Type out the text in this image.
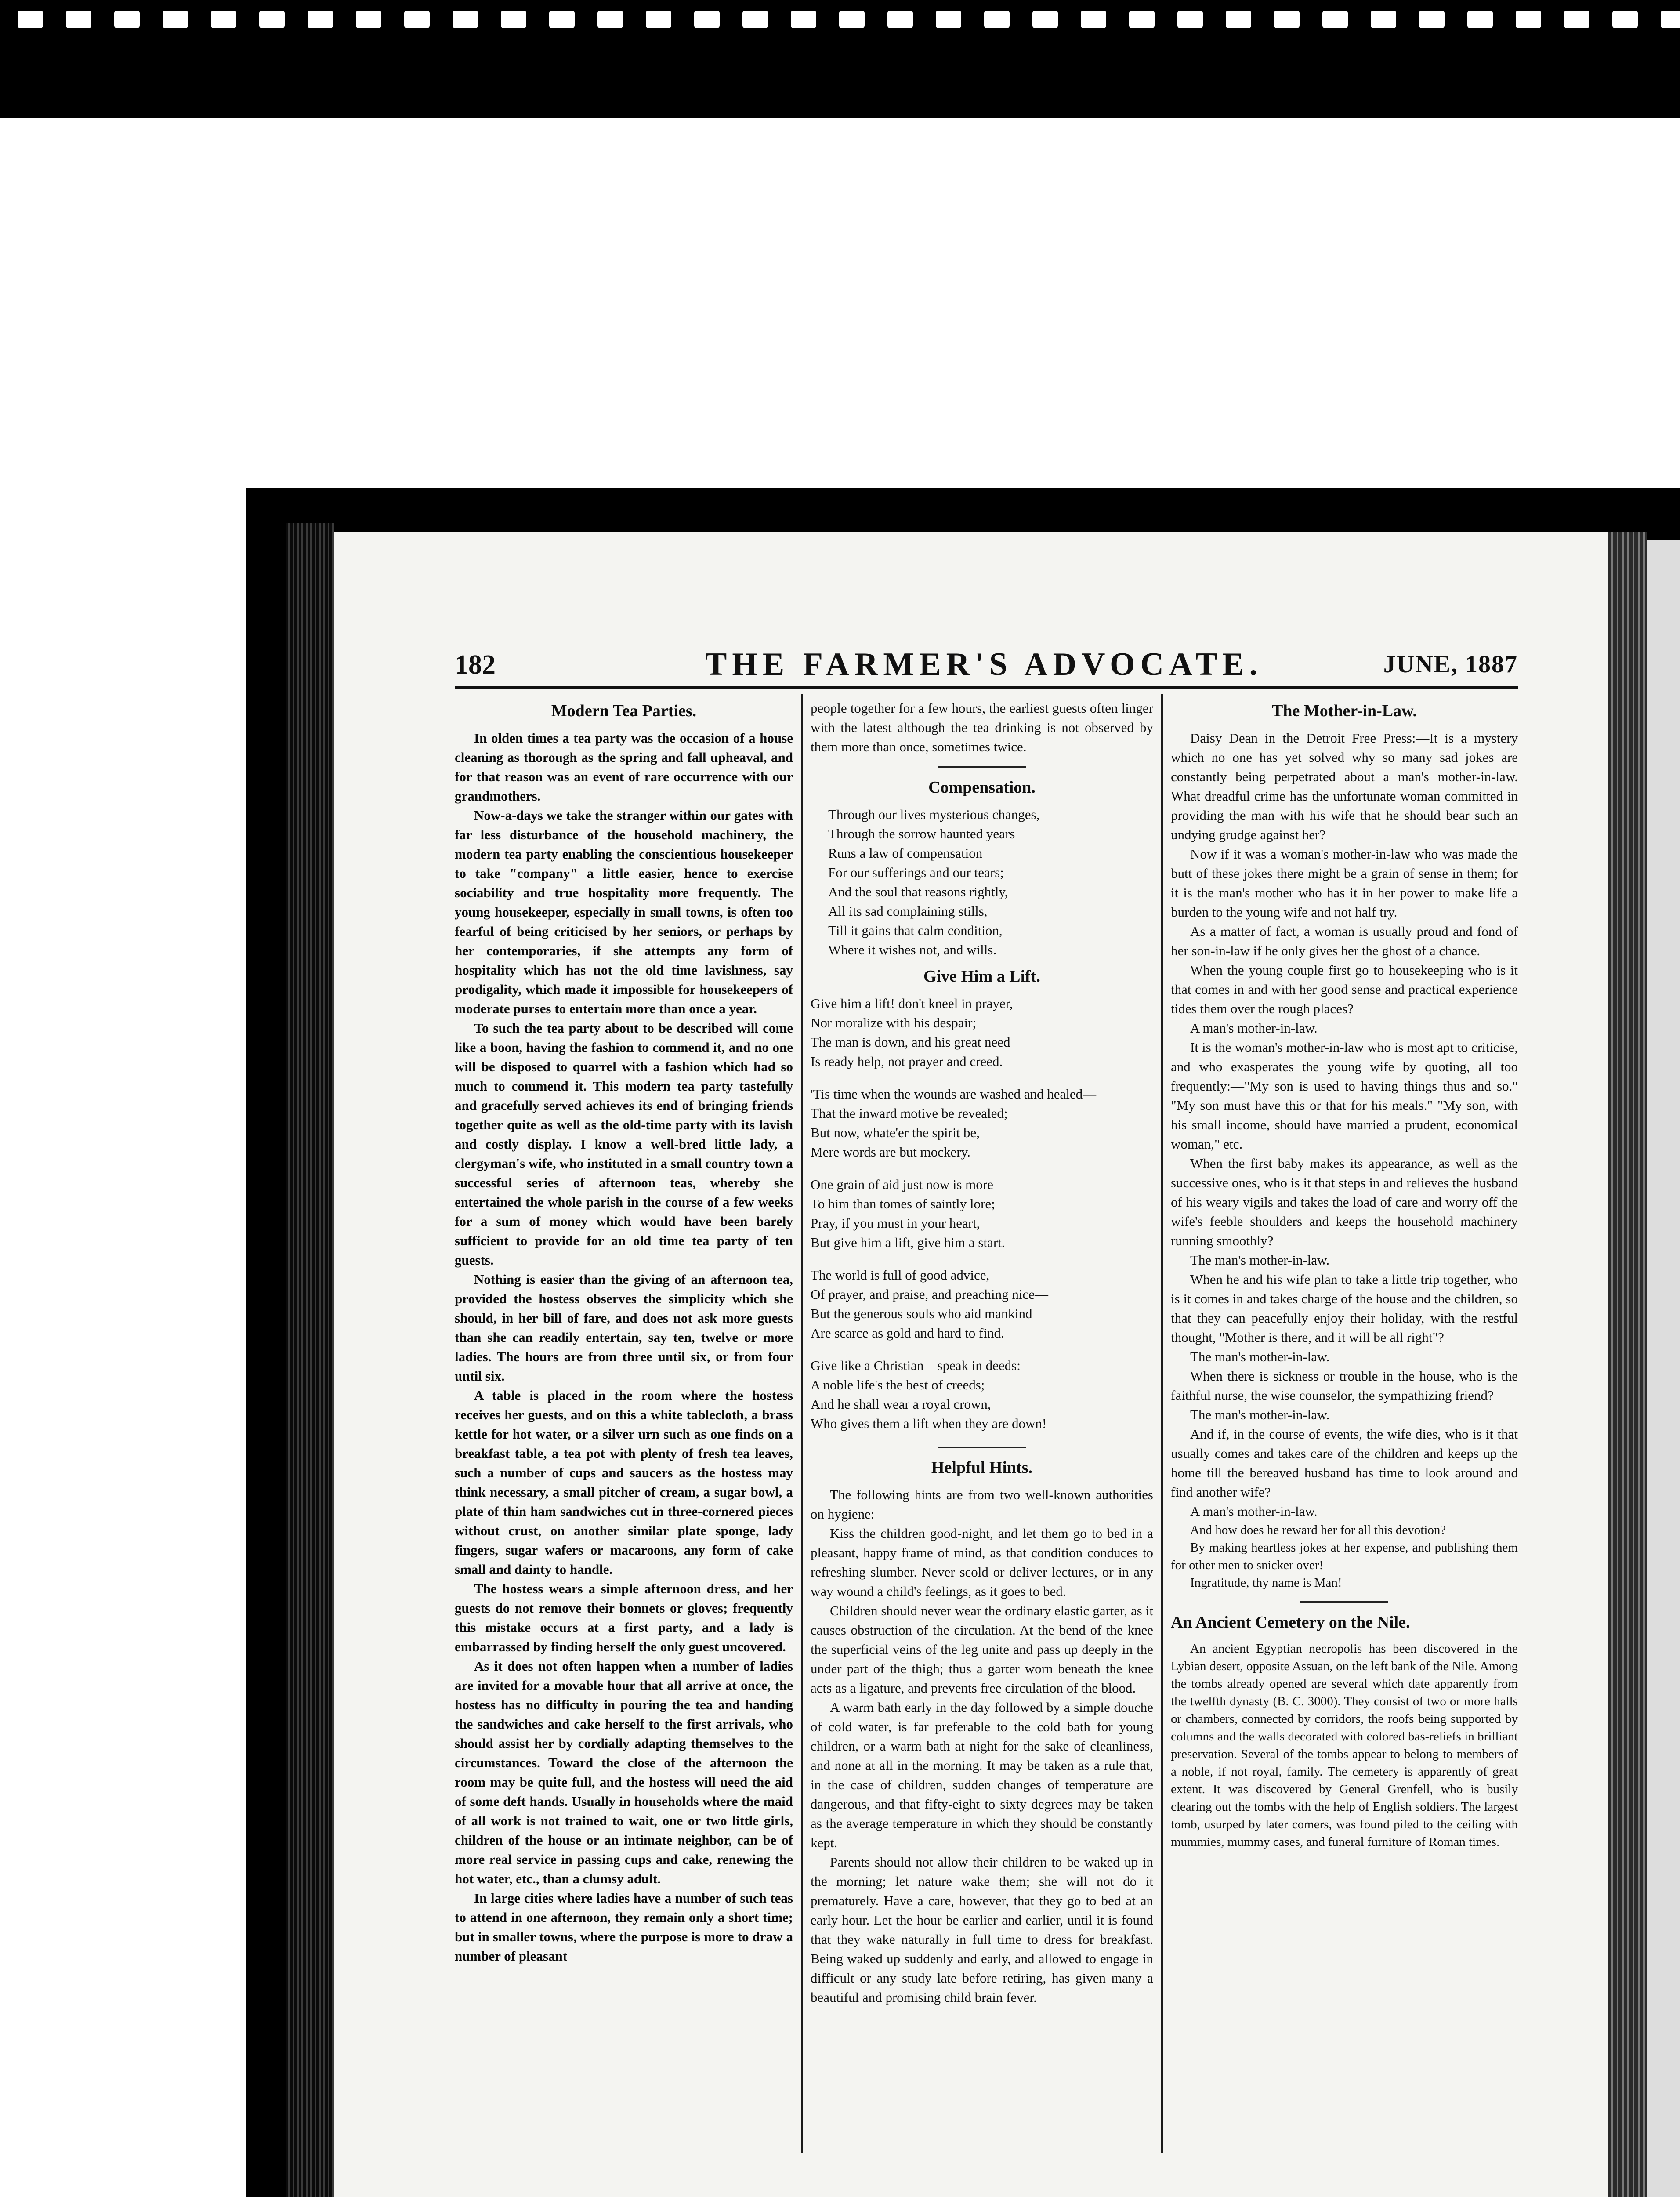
182	THE FARMER'S ADVOCATE.	JUNE, 1887
Modern Tea Parties.

In olden times a tea party was the occasion of a house cleaning as thorough as the spring and fall upheaval, and for that reason was an event of rare occurrence with our grandmothers.

Now-a-days we take the stranger within our gates with far less disturbance of the household machinery, the modern tea party enabling the conscientious housekeeper to take "company" a little easier, hence to exercise sociability and true hospitality more frequently. The young housekeeper, especially in small towns, is often too fearful of being criticised by her seniors, or perhaps by her contemporaries, if she attempts any form of hospitality which has not the old time lavishness, say prodigality, which made it impossible for housekeepers of moderate purses to entertain more than once a year.

To such the tea party about to be described will come like a boon, having the fashion to commend it, and no one will be disposed to quarrel with a fashion which had so much to commend it. This modern tea party tastefully and gracefully served achieves its end of bringing friends together quite as well as the old-time party with its lavish and costly display. I know a well-bred little lady, a clergyman's wife, who instituted in a small country town a successful series of afternoon teas, whereby she entertained the whole parish in the course of a few weeks for a sum of money which would have been barely sufficient to provide for an old time tea party of ten guests.

Nothing is easier than the giving of an afternoon tea, provided the hostess observes the simplicity which she should, in her bill of fare, and does not ask more guests than she can readily entertain, say ten, twelve or more ladies. The hours are from three until six, or from four until six.

A table is placed in the room where the hostess receives her guests, and on this a white tablecloth, a brass kettle for hot water, or a silver urn such as one finds on a breakfast table, a tea pot with plenty of fresh tea leaves, such a number of cups and saucers as the hostess may think necessary, a small pitcher of cream, a sugar bowl, a plate of thin ham sandwiches cut in three-cornered pieces without crust, on another similar plate sponge, lady fingers, sugar wafers or macaroons, any form of cake small and dainty to handle.

The hostess wears a simple afternoon dress, and her guests do not remove their bonnets or gloves; frequently this mistake occurs at a first party, and a lady is embarrassed by finding herself the only guest uncovered.

As it does not often happen when a number of ladies are invited for a movable hour that all arrive at once, the hostess has no difficulty in pouring the tea and handing the sandwiches and cake herself to the first arrivals, who should assist her by cordially adapting themselves to the circumstances. Toward the close of the afternoon the room may be quite full, and the hostess will need the aid of some deft hands. Usually in households where the maid of all work is not trained to wait, one or two little girls, children of the house or an intimate neighbor, can be of more real service in passing cups and cake, renewing the hot water, etc., than a clumsy adult.

In large cities where ladies have a number of such teas to attend in one afternoon, they remain only a short time; but in smaller towns, where the purpose is more to draw a number of pleasant

people together for a few hours, the earliest guests often linger with the latest although the tea drinking is not observed by them more than once, sometimes twice.

Compensation.
Through our lives mysterious changes,
Through the sorrow haunted years
Runs a law of compensation
For our sufferings and our tears;
And the soul that reasons rightly,
All its sad complaining stills,
Till it gains that calm condition,
Where it wishes not, and wills.
Give Him a Lift.
Give him a lift! don't kneel in prayer,
Nor moralize with his despair;
The man is down, and his great need
Is ready help, not prayer and creed.
'Tis time when the wounds are washed and healed—
That the inward motive be revealed;
But now, whate'er the spirit be,
Mere words are but mockery.
One grain of aid just now is more
To him than tomes of saintly lore;
Pray, if you must in your heart,
But give him a lift, give him a start.
The world is full of good advice,
Of prayer, and praise, and preaching nice—
But the generous souls who aid mankind
Are scarce as gold and hard to find.
Give like a Christian—speak in deeds:
A noble life's the best of creeds;
And he shall wear a royal crown,
Who gives them a lift when they are down!
Helpful Hints.

The following hints are from two well-known authorities on hygiene:

Kiss the children good-night, and let them go to bed in a pleasant, happy frame of mind, as that condition conduces to refreshing slumber. Never scold or deliver lectures, or in any way wound a child's feelings, as it goes to bed.

Children should never wear the ordinary elastic garter, as it causes obstruction of the circulation. At the bend of the knee the superficial veins of the leg unite and pass up deeply in the under part of the thigh; thus a garter worn beneath the knee acts as a ligature, and prevents free circulation of the blood.

A warm bath early in the day followed by a simple douche of cold water, is far preferable to the cold bath for young children, or a warm bath at night for the sake of cleanliness, and none at all in the morning. It may be taken as a rule that, in the case of children, sudden changes of temperature are dangerous, and that fifty-eight to sixty degrees may be taken as the average temperature in which they should be constantly kept.

Parents should not allow their children to be waked up in the morning; let nature wake them; she will not do it prematurely. Have a care, however, that they go to bed at an early hour. Let the hour be earlier and earlier, until it is found that they wake naturally in full time to dress for breakfast. Being waked up suddenly and early, and allowed to engage in difficult or any study late before retiring, has given many a beautiful and promising child brain fever.

The Mother-in-Law.

Daisy Dean in the Detroit Free Press:—It is a mystery which no one has yet solved why so many sad jokes are constantly being perpetrated about a man's mother-in-law. What dreadful crime has the unfortunate woman committed in providing the man with his wife that he should bear such an undying grudge against her?

Now if it was a woman's mother-in-law who was made the butt of these jokes there might be a grain of sense in them; for it is the man's mother who has it in her power to make life a burden to the young wife and not half try.

As a matter of fact, a woman is usually proud and fond of her son-in-law if he only gives her the ghost of a chance.

When the young couple first go to housekeeping who is it that comes in and with her good sense and practical experience tides them over the rough places?

A man's mother-in-law.

It is the woman's mother-in-law who is most apt to criticise, and who exasperates the young wife by quoting, all too frequently:—"My son is used to having things thus and so." "My son must have this or that for his meals." "My son, with his small income, should have married a prudent, economical woman," etc.

When the first baby makes its appearance, as well as the successive ones, who is it that steps in and relieves the husband of his weary vigils and takes the load of care and worry off the wife's feeble shoulders and keeps the household machinery running smoothly?

The man's mother-in-law.

When he and his wife plan to take a little trip together, who is it comes in and takes charge of the house and the children, so that they can peacefully enjoy their holiday, with the restful thought, "Mother is there, and it will be all right"?

The man's mother-in-law.

When there is sickness or trouble in the house, who is the faithful nurse, the wise counselor, the sympathizing friend?

The man's mother-in-law.

And if, in the course of events, the wife dies, who is it that usually comes and takes care of the children and keeps up the home till the bereaved husband has time to look around and find another wife?

A man's mother-in-law.

And how does he reward her for all this devotion?

By making heartless jokes at her expense, and publishing them for other men to snicker over!

Ingratitude, thy name is Man!

An Ancient Cemetery on the Nile.

An ancient Egyptian necropolis has been discovered in the Lybian desert, opposite Assuan, on the left bank of the Nile. Among the tombs already opened are several which date apparently from the twelfth dynasty (B. C. 3000). They consist of two or more halls or chambers, connected by corridors, the roofs being supported by columns and the walls decorated with colored bas-reliefs in brilliant preservation. Several of the tombs appear to belong to members of a noble, if not royal, family. The cemetery is apparently of great extent. It was discovered by General Grenfell, who is busily clearing out the tombs with the help of English soldiers. The largest tomb, usurped by later comers, was found piled to the ceiling with mummies, mummy cases, and funeral furniture of Roman times.
